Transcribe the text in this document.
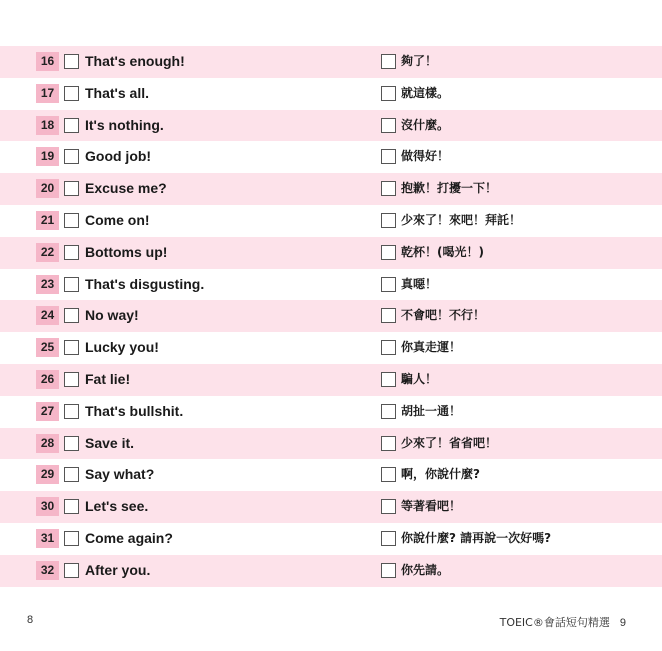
16	That's enough!	夠了！
17	That's all.	就這樣。
18	It's nothing.	沒什麼。
19	Good job!	做得好！
20	Excuse me?	抱歉！打擾一下！
21	Come on!	少來了！來吧！拜託！
22	Bottoms up!	乾杯！(喝光！)
23	That's disgusting.	真噁！
24	No way!	不會吧！不行！
25	Lucky you!	你真走運！
26	Fat lie!	騙人！
27	That's bullshit.	胡扯一通！
28	Save it.	少來了！省省吧！
29	Say what?	啊，你說什麼?
30	Let's see.	等著看吧！
31	Come again?	你說什麼? 請再說一次好嗎?
32	After you.	你先請。
8	TOEIC®會話短句精選 9
